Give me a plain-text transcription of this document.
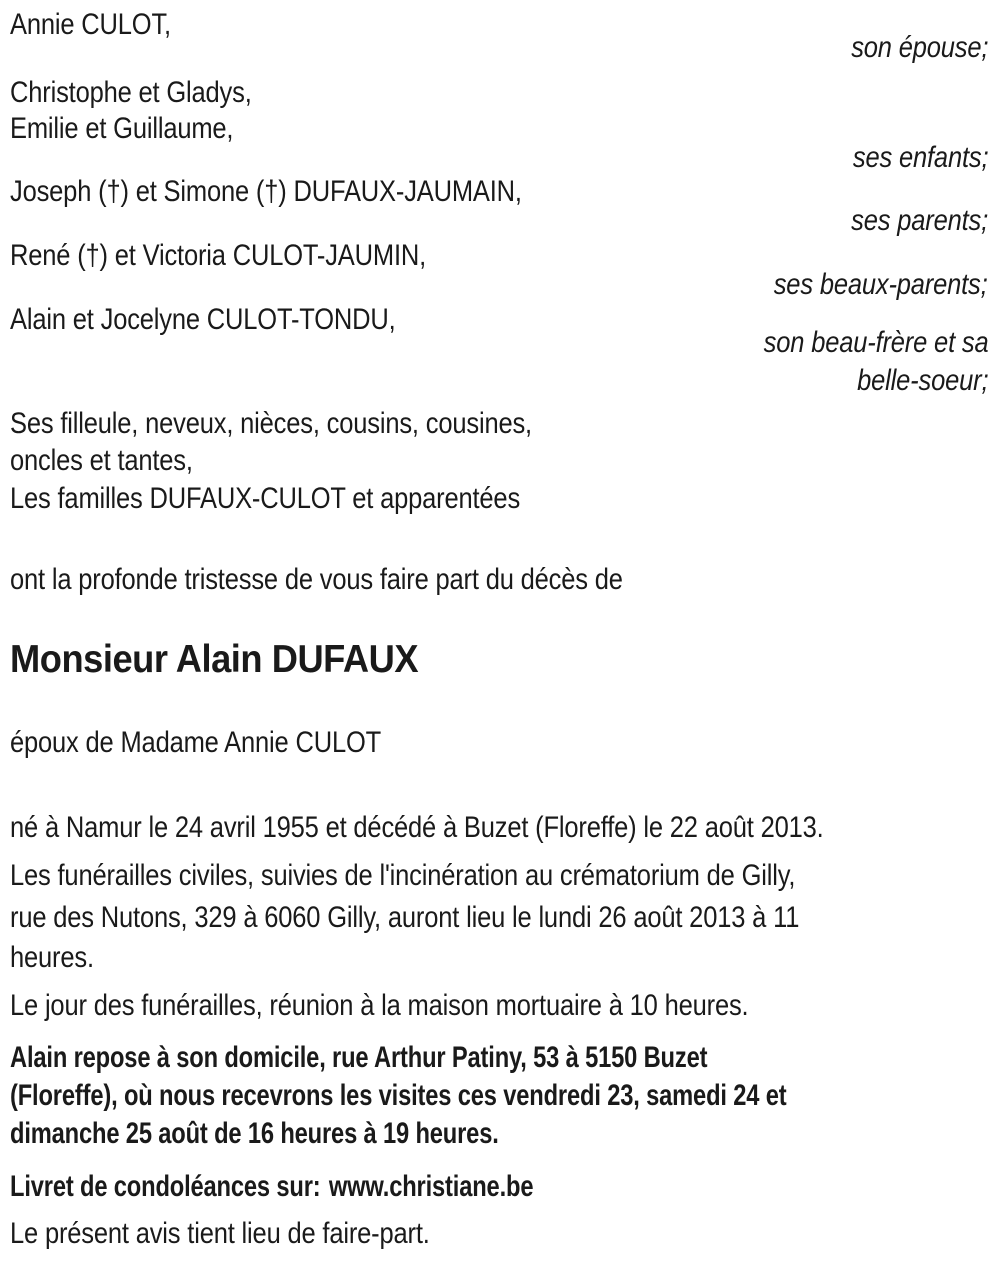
Annie CULOT,
son épouse;
Christophe et Gladys,
Emilie et Guillaume,
ses enfants;
Joseph (†) et Simone (†) DUFAUX-JAUMAIN,
ses parents;
René (†) et Victoria CULOT-JAUMIN,
ses beaux-parents;
Alain et Jocelyne CULOT-TONDU,
son beau-frère et sa
belle-soeur;
Ses filleule, neveux, nièces, cousins, cousines,
oncles et tantes,
Les familles DUFAUX-CULOT et apparentées
ont la profonde tristesse de vous faire part du décès de
Monsieur Alain DUFAUX
époux de Madame Annie CULOT
né à Namur le 24 avril 1955 et décédé à Buzet (Floreffe) le 22 août 2013.
Les funérailles civiles, suivies de l'incinération au crématorium de Gilly,
rue des Nutons, 329 à 6060 Gilly, auront lieu le lundi 26 août 2013 à 11
heures.
Le jour des funérailles, réunion à la maison mortuaire à 10 heures.
Alain repose à son domicile, rue Arthur Patiny, 53 à 5150 Buzet
(Floreffe), où nous recevrons les visites ces vendredi 23, samedi 24 et
dimanche 25 août de 16 heures à 19 heures.
Livret de condoléances sur: www.christiane.be
Le présent avis tient lieu de faire-part.
